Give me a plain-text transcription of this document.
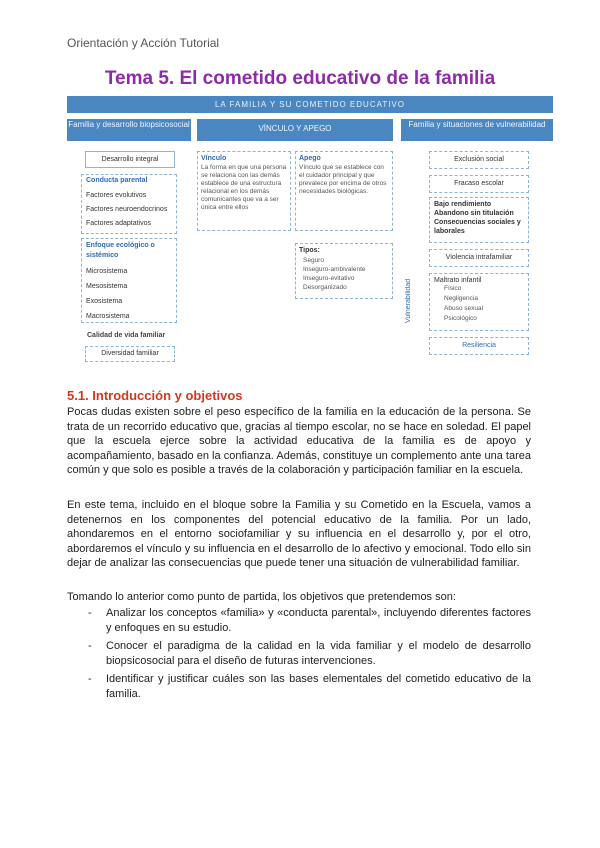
Orientación y Acción Tutorial
Tema 5. El cometido educativo de la familia
LA FAMILIA Y SU COMETIDO EDUCATIVO
Familia y desarrollo biopsicosocial
Desarrollo integral
Conducta parental
Factores evolutivos
Factores neuroendocrinos
Factores adaptativos
Enfoque ecológico o sistémico
Microsistema
Mesosistema
Exosistema
Macrosistema
Calidad de vida familiar
Diversidad familiar
VÍNCULO Y APEGO
Vínculo
La forma en que una persona se relaciona con las demás establece de una estructura relacional en los demás comunicantes que va a ser única entre ellos
Apego
Vínculo que se establece con el cuidador principal y que prevalece por encima de otros necesidades biológicas.
Tipos:
Seguro
Inseguro-ambivalente
Inseguro-evitativo
Desorganizado
Familia y situaciones de vulnerabilidad
Exclusión social
Fracaso escolar
Bajo rendimiento
Abandono sin titulación
Consecuencias sociales y laborales
Violencia intrafamiliar
Vulnerabilidad	Maltrato infantil
Físico
Negligencia
Abuso sexual
Psicológico
Resiliencia
5.1. Introducción y objetivos

Pocas dudas existen sobre el peso específico de la familia en la educación de la persona. Se trata de un recorrido educativo que, gracias al tiempo escolar, no se hace en soledad. El papel que la escuela ejerce sobre la actividad educativa de la familia es de apoyo y acompañamiento, basado en la confianza. Además, constituye un complemento ante una tarea común y que solo es posible a través de la colaboración y participación familiar en la escuela.

En este tema, incluido en el bloque sobre la Familia y su Cometido en la Escuela, vamos a detenernos en los componentes del potencial educativo de la familia. Por un lado, ahondaremos en el entorno sociofamiliar y su influencia en el desarrollo y, por el otro, abordaremos el vínculo y su influencia en el desarrollo de lo afectivo y emocional. Todo ello sin dejar de analizar las consecuencias que puede tener una situación de vulnerabilidad familiar.

Tomando lo anterior como punto de partida, los objetivos que pretendemos son:

- Analizar los conceptos «familia» y «conducta parental», incluyendo diferentes factores y enfoques en su estudio.
- Conocer el paradigma de la calidad en la vida familiar y el modelo de desarrollo biopsicosocial para el diseño de futuras intervenciones.
- Identificar y justificar cuáles son las bases elementales del cometido educativo de la familia.
